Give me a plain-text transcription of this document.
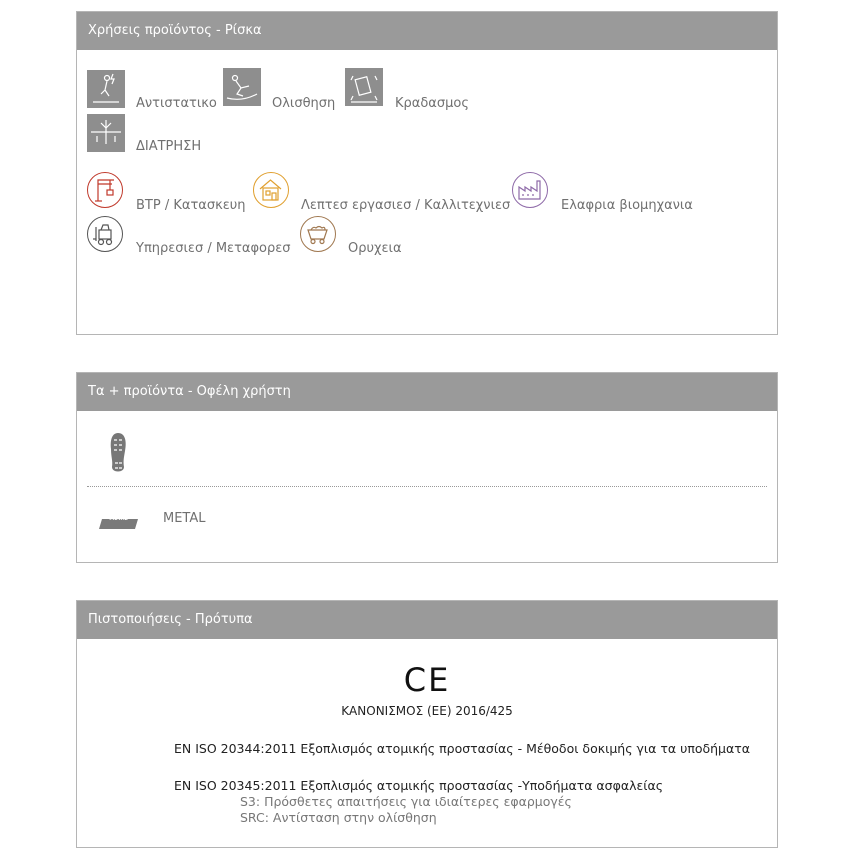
Χρήσεις προϊόντος - Ρίσκα
Αντιστατικο	Ολισθηση	Κραδασμος
ΔΙΑΤΡΗΣΗ
BTP / Κατασκευη	Λεπτεσ εργασιεσ / Καλλιτεχνιεσ	Ελαφρια βιομηχανια
Υπηρεσιεσ / Μεταφορεσ	Ορυχεια
Τα + προϊόντα - Οφέλη χρήστη
METAL	METAL
Πιστοποιήσεις - Πρότυπα
CE
ΚΑΝΟΝΙΣΜΟΣ (ΕΕ) 2016/425
EN ISO 20344:2011 Εξοπλισμός ατομικής προστασίας - Μέθοδοι δοκιμής για τα υποδήματα
EN ISO 20345:2011 Εξοπλισμός ατομικής προστασίας -Υποδήματα ασφαλείας
S3: Πρόσθετες απαιτήσεις για ιδιαίτερες εφαρμογές
SRC: Αντίσταση στην ολίσθηση
